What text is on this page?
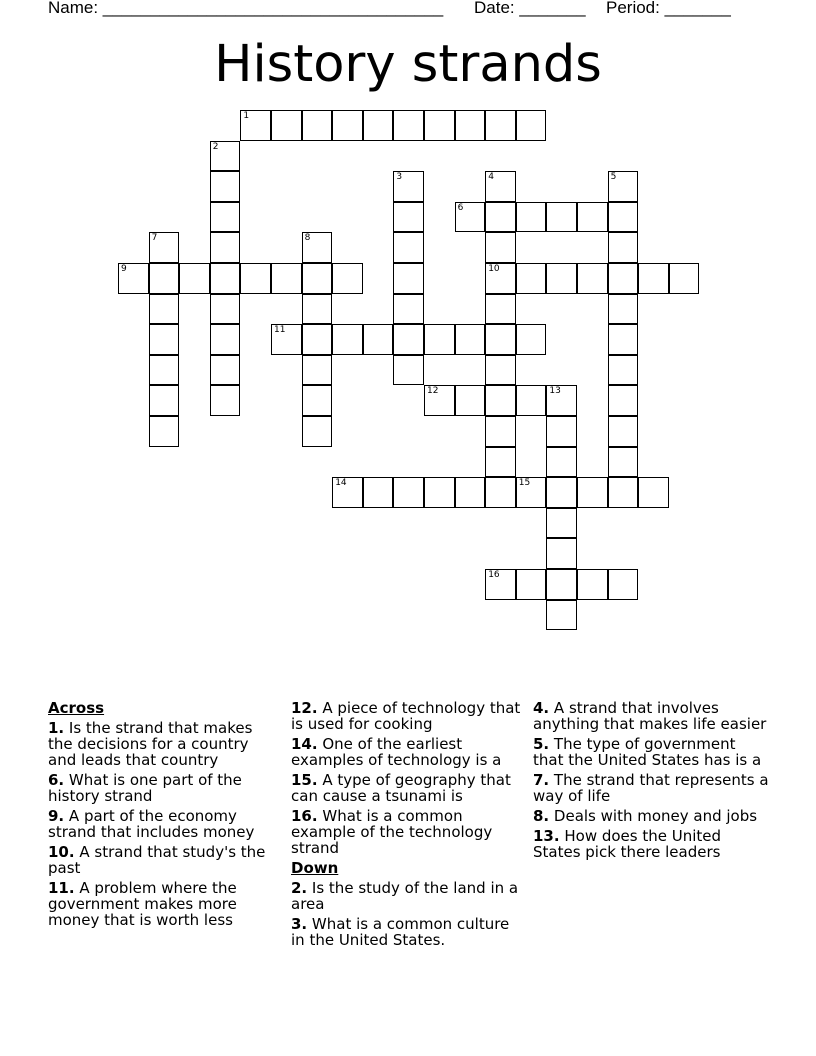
Name: ____________________________________ Date: _______ Period: _______
History strands
1
2
3	4
10
5
6
7	8
9
11
12	13
14	15
16
Across
1. Is the strand that makes the decisions for a country and leads that country
6. What is one part of the history strand
9. A part of the economy strand that includes money
10. A strand that study's the past
11. A problem where the government makes more money that is worth less
12. A piece of technology that is used for cooking
14. One of the earliest examples of technology is a
15. A type of geography that can cause a tsunami is
16. What is a common example of the technology strand
Down
2. Is the study of the land in a area
3. What is a common culture in the United States.
4. A strand that involves anything that makes life easier
5. The type of government that the United States has is a
7. The strand that represents a way of life
8. Deals with money and jobs
13. How does the United States pick there leaders
